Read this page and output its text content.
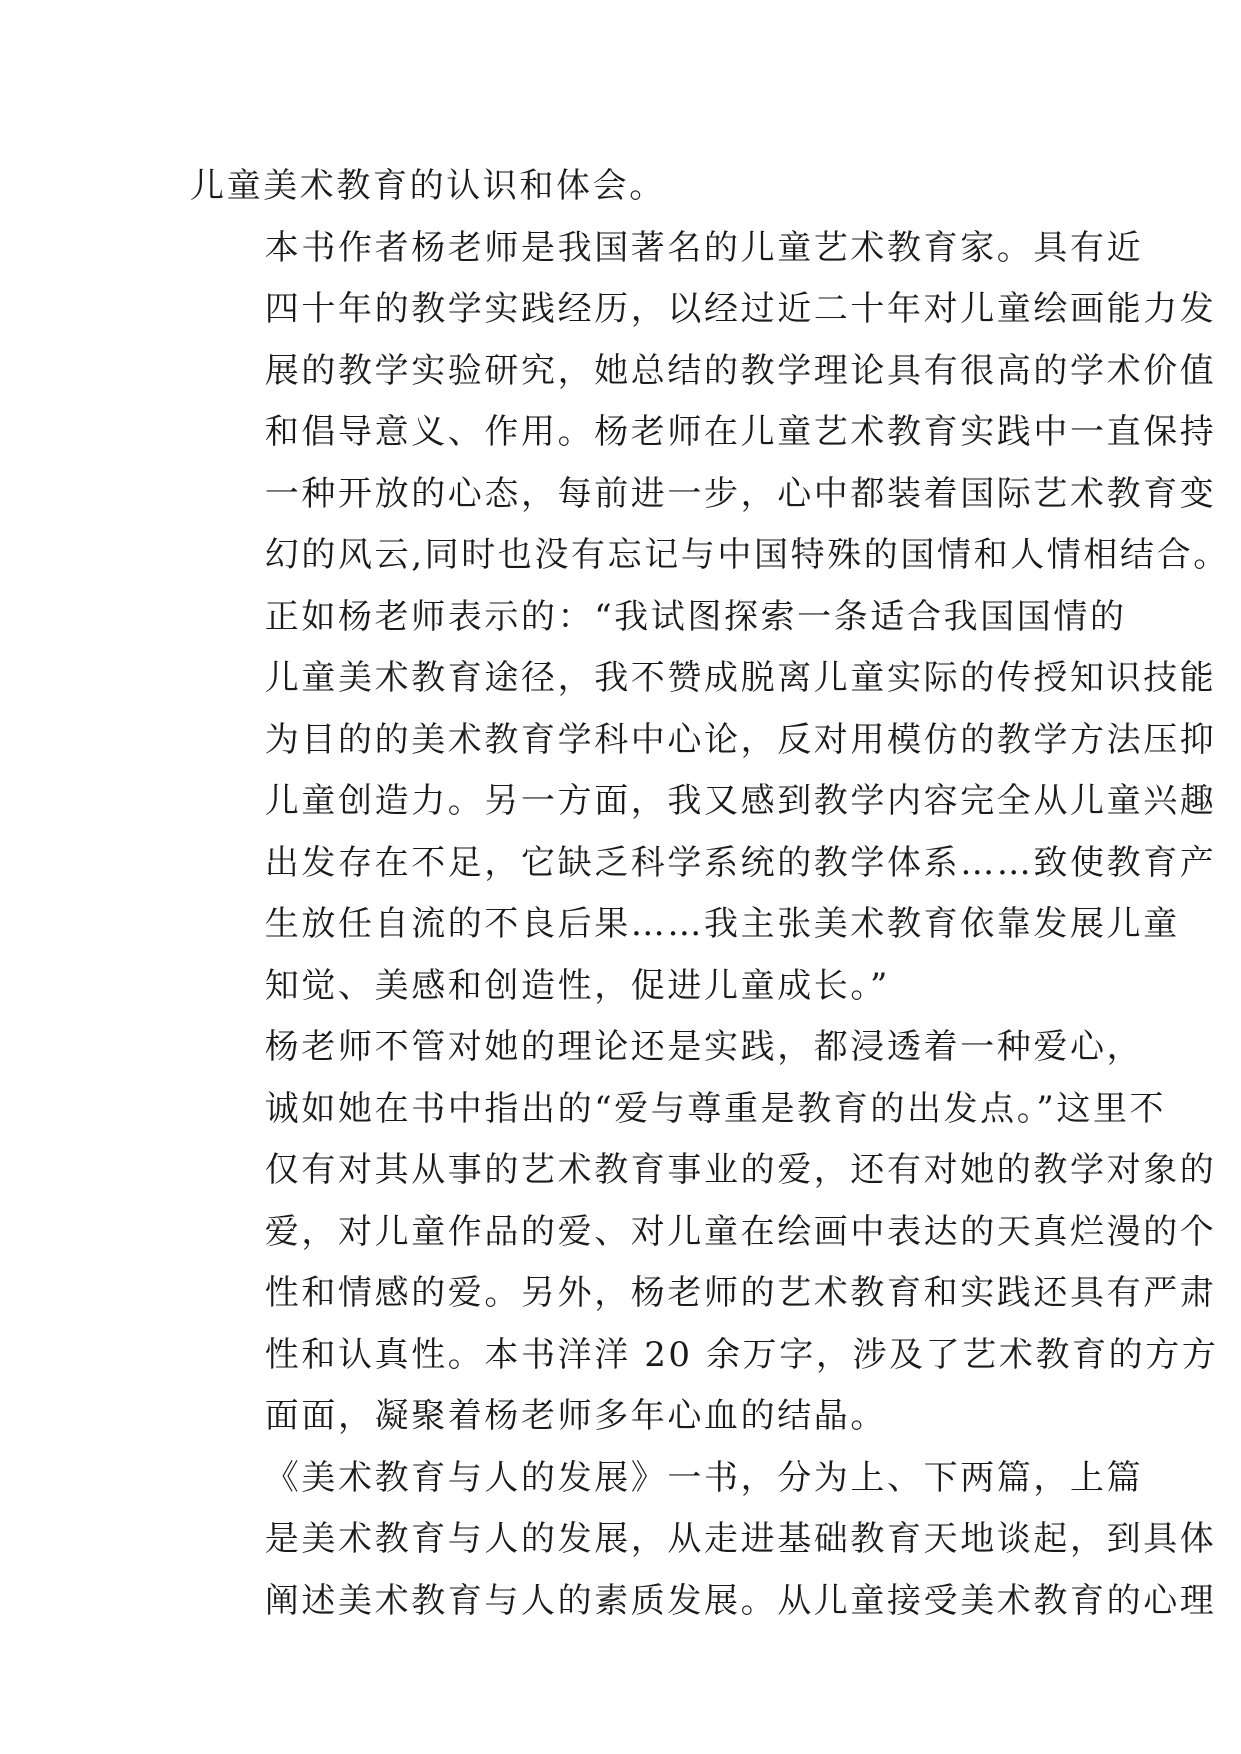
儿童美术教育的认识和体会。

本书作者杨老师是我国著名的儿童艺术教育家。具有近
四十年的教学实践经历，以经过近二十年对儿童绘画能力发
展的教学实验研究，她总结的教学理论具有很高的学术价值
和倡导意义、作用。杨老师在儿童艺术教育实践中一直保持
一种开放的心态，每前进一步，心中都装着国际艺术教育变
幻的风云,同时也没有忘记与中国特殊的国情和人情相结合。

正如杨老师表示的：“我试图探索一条适合我国国情的
儿童美术教育途径，我不赞成脱离儿童实际的传授知识技能
为目的的美术教育学科中心论，反对用模仿的教学方法压抑
儿童创造力。另一方面，我又感到教学内容完全从儿童兴趣
出发存在不足，它缺乏科学系统的教学体系……致使教育产
生放任自流的不良后果……我主张美术教育依靠发展儿童
知觉、美感和创造性，促进儿童成长。”

杨老师不管对她的理论还是实践，都浸透着一种爱心，
诚如她在书中指出的“爱与尊重是教育的出发点。”这里不
仅有对其从事的艺术教育事业的爱，还有对她的教学对象的
爱，对儿童作品的爱、对儿童在绘画中表达的天真烂漫的个
性和情感的爱。另外，杨老师的艺术教育和实践还具有严肃
性和认真性。本书洋洋 20 余万字，涉及了艺术教育的方方
面面，凝聚着杨老师多年心血的结晶。

《美术教育与人的发展》一书，分为上、下两篇，上篇
是美术教育与人的发展，从走进基础教育天地谈起，到具体
阐述美术教育与人的素质发展。从儿童接受美术教育的心理
